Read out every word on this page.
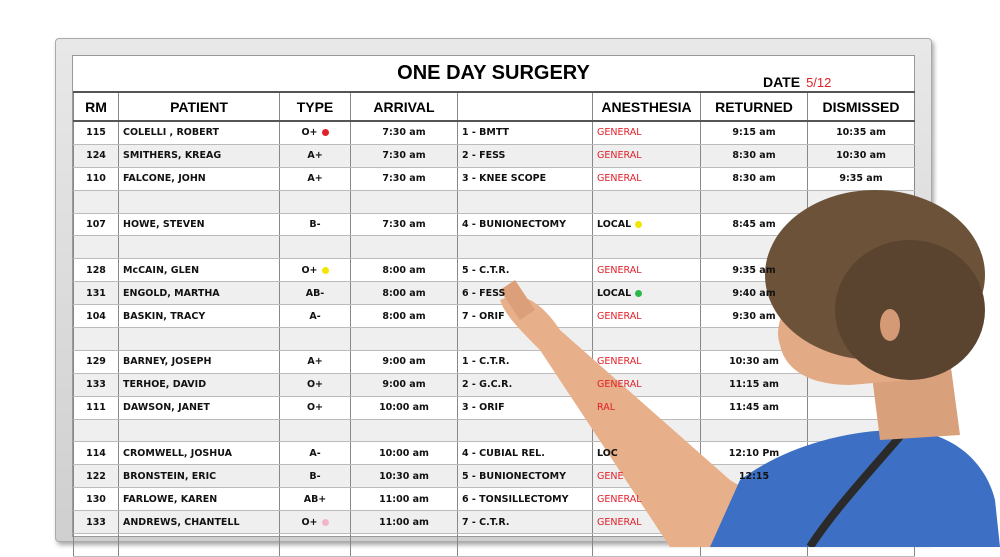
ONE DAY SURGERY	DATE 5/12
RM	PATIENT	TYPE	ARRIVAL		ANESTHESIA	RETURNED	DISMISSED
115	COLELLI , ROBERT	O+	7:30 am	1 - BMTT	GENERAL	9:15 am	10:35 am
124	SMITHERS, KREAG	A+	7:30 am	2 - FESS	GENERAL	8:30 am	10:30 am
110	FALCONE, JOHN	A+	7:30 am	3 - KNEE SCOPE	GENERAL	8:30 am	9:35 am

107	HOWE, STEVEN	B-	7:30 am	4 - BUNIONECTOMY	LOCAL	8:45 am	

128	McCAIN, GLEN	O+	8:00 am	5 - C.T.R.	GENERAL	9:35 am	
131	ENGOLD, MARTHA	AB-	8:00 am	6 - FESS	LOCAL	9:40 am	
104	BASKIN, TRACY	A-	8:00 am	7 - ORIF	GENERAL	9:30 am	

129	BARNEY, JOSEPH	A+	9:00 am	1 - C.T.R.	GENERAL	10:30 am	
133	TERHOE, DAVID	O+	9:00 am	2 - G.C.R.	GENERAL	11:15 am	
111	DAWSON, JANET	O+	10:00 am	3 - ORIF	RAL	11:45 am	

114	CROMWELL, JOSHUA	A-	10:00 am	4 - CUBIAL REL.	LOC	12:10 Pm	
122	BRONSTEIN, ERIC	B-	10:30 am	5 - BUNIONECTOMY	GENE	12:15	
130	FARLOWE, KAREN	AB+	11:00 am	6 - TONSILLECTOMY	GENERAL		
133	ANDREWS, CHANTELL	O+	11:00 am	7 - C.T.R.	GENERAL		
